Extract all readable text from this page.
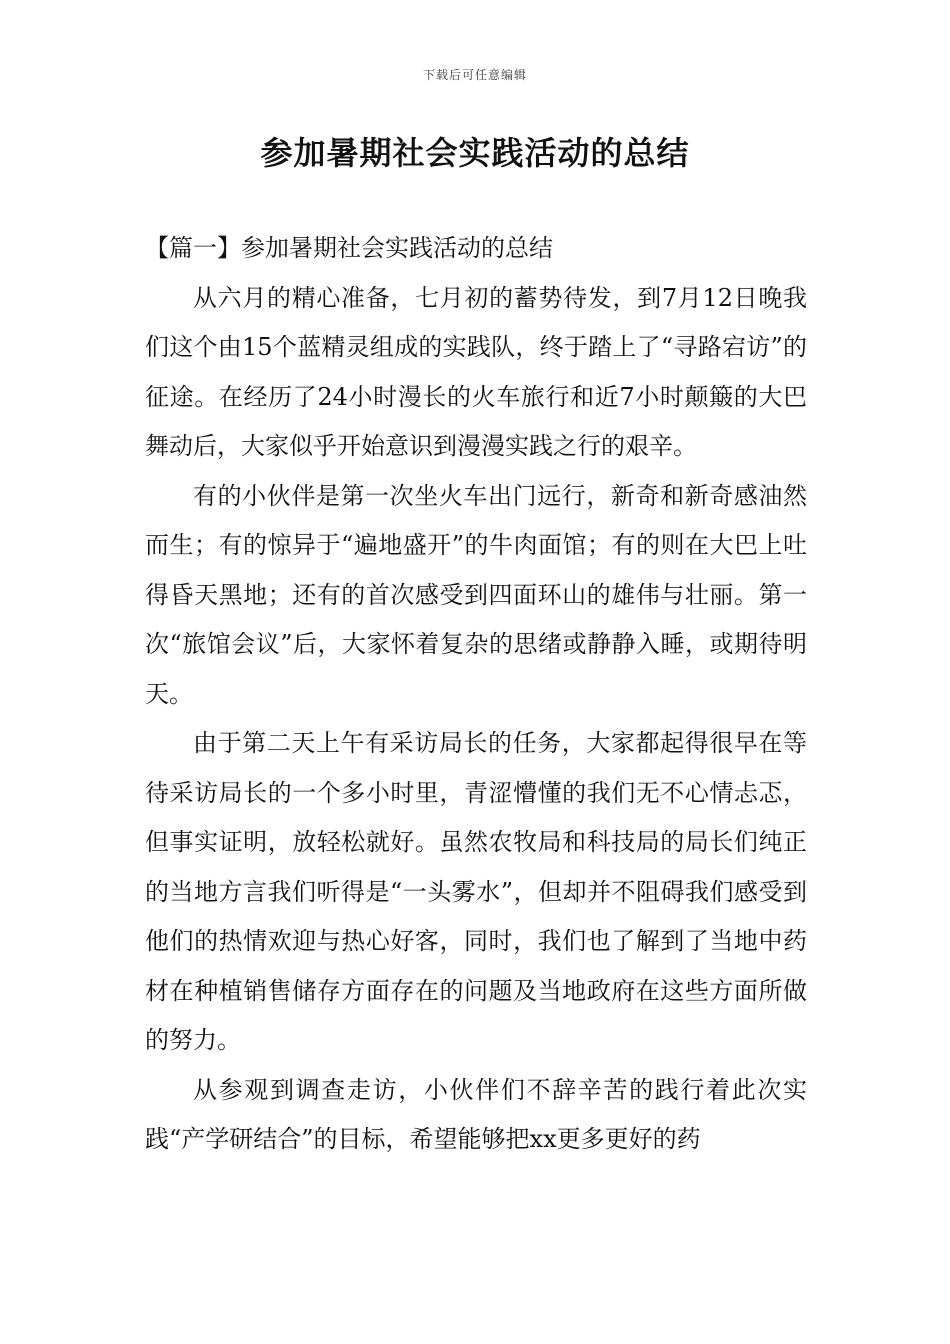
下载后可任意编辑
参加暑期社会实践活动的总结

【篇一】参加暑期社会实践活动的总结

从六月的精心准备，七月初的蓄势待发，到7月12日晚我们这个由15个蓝精灵组成的实践队，终于踏上了“寻路宕访”的征途。在经历了24小时漫长的火车旅行和近7小时颠簸的大巴舞动后，大家似乎开始意识到漫漫实践之行的艰辛。

有的小伙伴是第一次坐火车出门远行，新奇和新奇感油然而生；有的惊异于“遍地盛开”的牛肉面馆；有的则在大巴上吐得昏天黑地；还有的首次感受到四面环山的雄伟与壮丽。第一次“旅馆会议”后，大家怀着复杂的思绪或静静入睡，或期待明天。

由于第二天上午有采访局长的任务，大家都起得很早在等待采访局长的一个多小时里，青涩懵懂的我们无不心情忐忑，但事实证明，放轻松就好。虽然农牧局和科技局的局长们纯正的当地方言我们听得是“一头雾水”，但却并不阻碍我们感受到他们的热情欢迎与热心好客，同时，我们也了解到了当地中药材在种植销售储存方面存在的问题及当地政府在这些方面所做的努力。

从参观到调查走访，小伙伴们不辞辛苦的践行着此次实践“产学研结合”的目标，希望能够把xx更多更好的药
